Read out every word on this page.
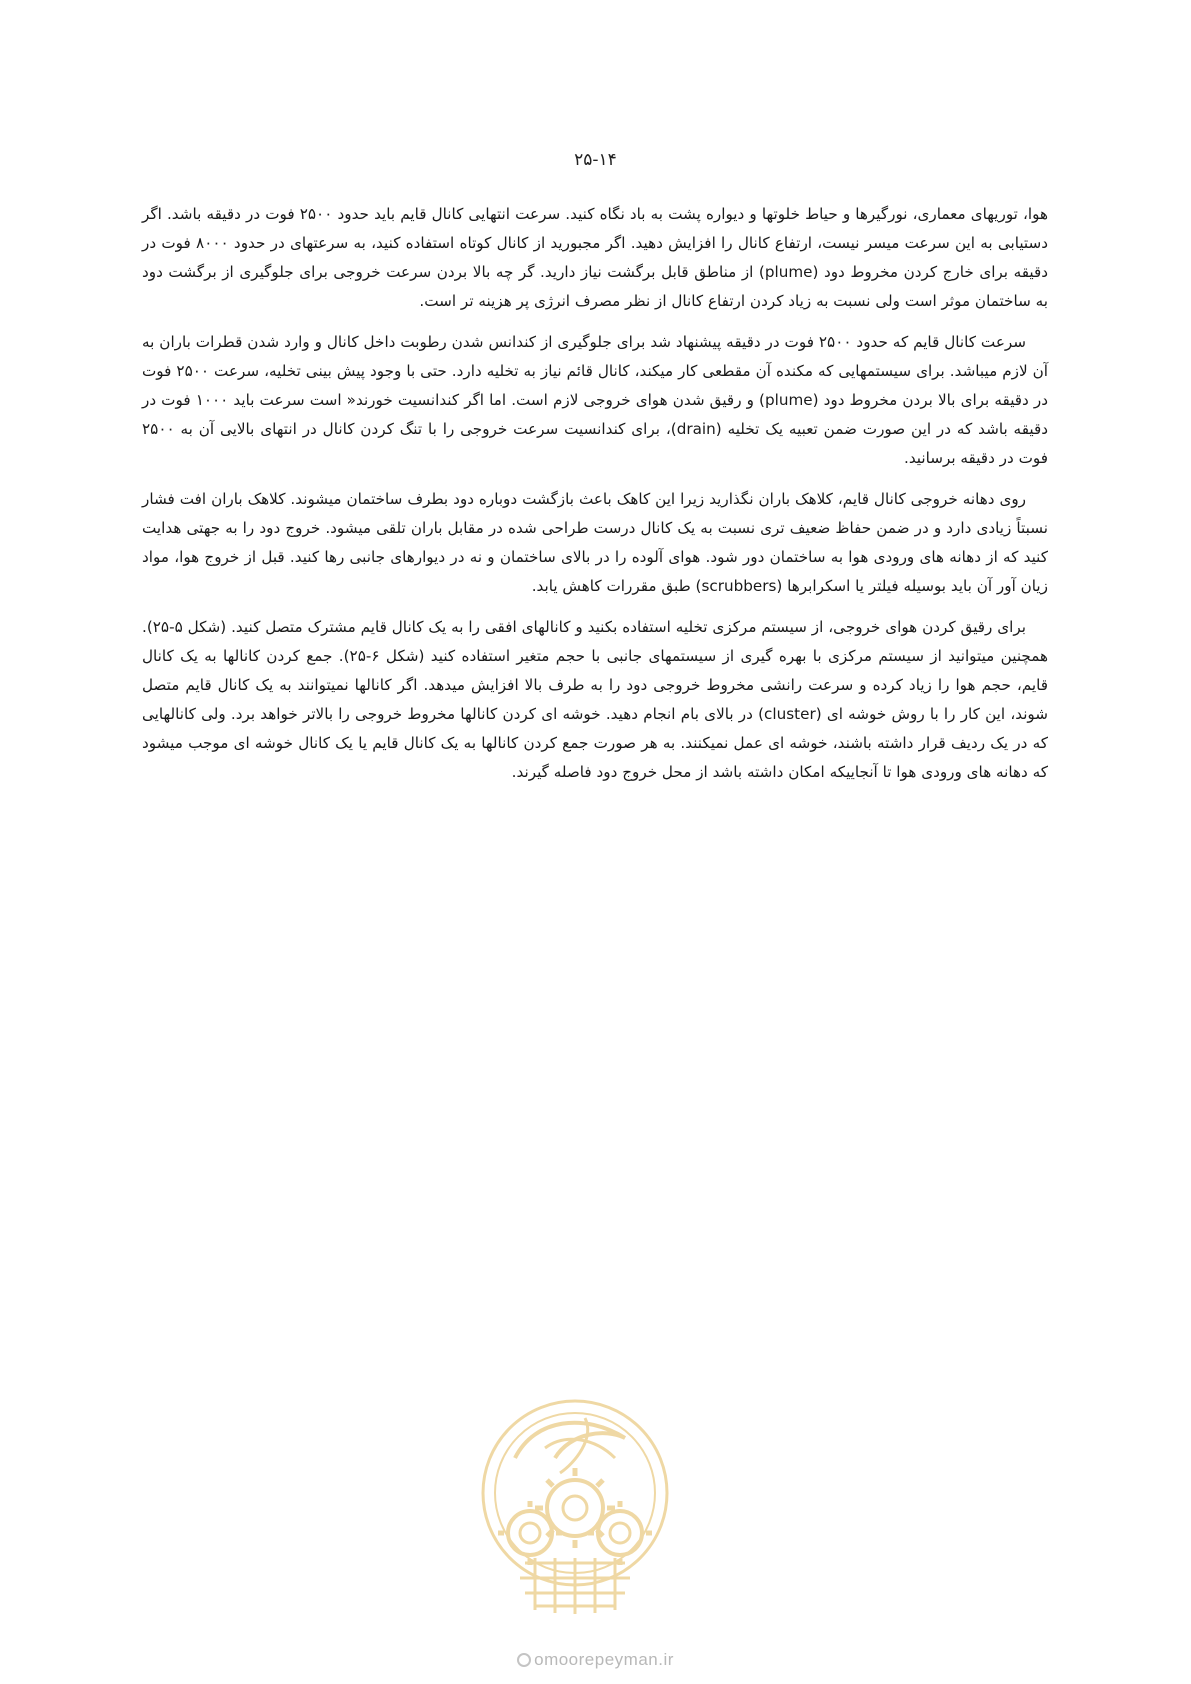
۲۵-۱۴

هوا، توریهای معماری، نورگیرها و حیاط خلوتها و دیواره پشت به باد نگاه کنید. سرعت انتهایی کانال قایم باید حدود ۲۵۰۰ فوت در دقیقه باشد. اگر دستیابی به این سرعت میسر نیست، ارتفاع کانال را افزایش دهید. اگر مجبورید از کانال کوتاه استفاده کنید، به سرعتهای در حدود ۸۰۰۰ فوت در دقیقه برای خارج کردن مخروط دود (plume) از مناطق قابل برگشت نیاز دارید. گر چه بالا بردن سرعت خروجی برای جلوگیری از برگشت دود به ساختمان موثر است ولی نسبت به زیاد کردن ارتفاع کانال از نظر مصرف انرژی پر هزینه تر است.

سرعت کانال قایم که حدود ۲۵۰۰ فوت در دقیقه پیشنهاد شد برای جلوگیری از کندانس شدن رطوبت داخل کانال و وارد شدن قطرات باران به آن لازم میباشد. برای سیستمهایی که مکنده آن مقطعی کار میکند، کانال قائم نیاز به تخلیه دارد. حتی با وجود پیش بینی تخلیه، سرعت ۲۵۰۰ فوت در دقیقه برای بالا بردن مخروط دود (plume) و رقیق شدن هوای خروجی لازم است. اما اگر کندانسیت خورند« است سرعت باید ۱۰۰۰ فوت در دقیقه باشد که در این صورت ضمن تعبیه یک تخلیه (drain)، برای کندانسیت سرعت خروجی را با تنگ کردن کانال در انتهای بالایی آن به ۲۵۰۰ فوت در دقیقه برسانید.

روی دهانه خروجی کانال قایم، کلاهک باران نگذارید زیرا این کاهک باعث بازگشت دوباره دود بطرف ساختمان میشوند. کلاهک باران افت فشار نسبتاً زیادی دارد و در ضمن حفاظ ضعیف تری نسبت به یک کانال درست طراحی شده در مقابل باران تلقی میشود. خروج دود را به جهتی هدایت کنید که از دهانه های ورودی هوا به ساختمان دور شود. هوای آلوده را در بالای ساختمان و نه در دیوارهای جانبی رها کنید. قبل از خروج هوا، مواد زیان آور آن باید بوسیله فیلتر یا اسکرابرها (scrubbers) طبق مقررات کاهش یابد.

برای رقیق کردن هوای خروجی، از سیستم مرکزی تخلیه استفاده بکنید و کانالهای افقی را به یک کانال قایم مشترک متصل کنید. (شکل ۵-۲۵). همچنین میتوانید از سیستم مرکزی با بهره گیری از سیستمهای جانبی با حجم متغیر استفاده کنید (شکل ۶-۲۵). جمع کردن کانالها به یک کانال قایم، حجم هوا را زیاد کرده و سرعت رانشی مخروط خروجی دود را به طرف بالا افزایش میدهد. اگر کانالها نمیتوانند به یک کانال قایم متصل شوند، این کار را با روش خوشه ای (cluster) در بالای بام انجام دهید. خوشه ای کردن کانالها مخروط خروجی را بالاتر خواهد برد. ولی کانالهایی که در یک ردیف قرار داشته باشند، خوشه ای عمل نمیکنند. به هر صورت جمع کردن کانالها به یک کانال قایم یا یک کانال خوشه ای موجب میشود که دهانه های ورودی هوا تا آنجاییکه امکان داشته باشد از محل خروج دود فاصله گیرند.

omoorepeyman.ir
